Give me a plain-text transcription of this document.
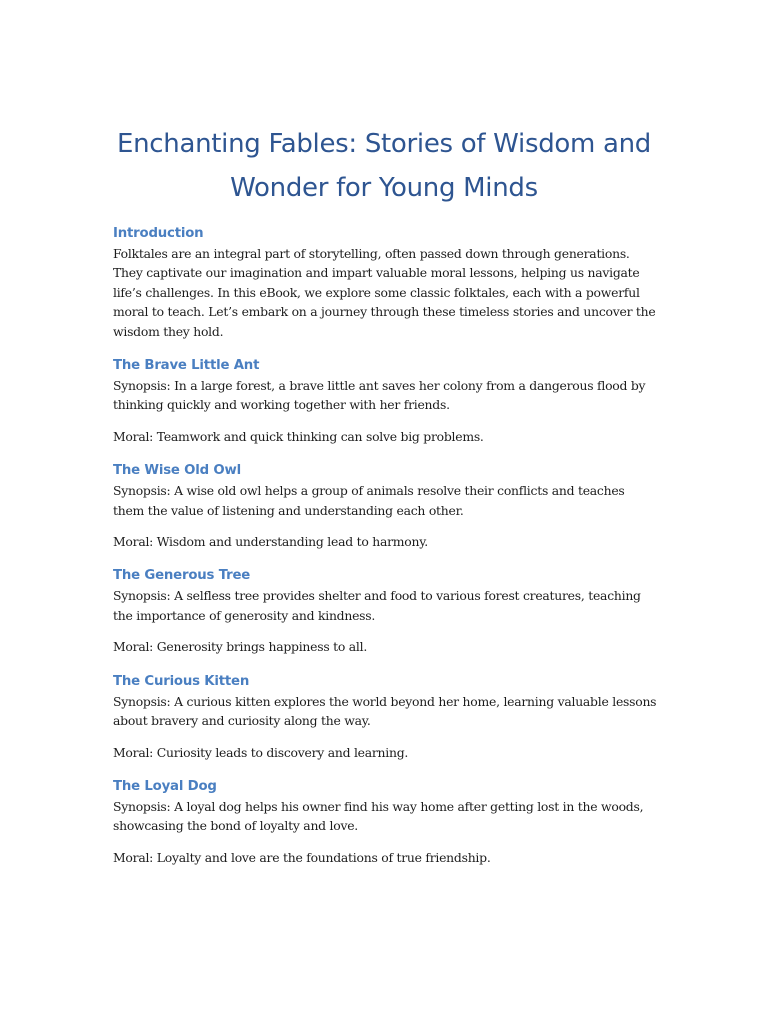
Enchanting Fables: Stories of Wisdom and Wonder for Young Minds
Introduction

Folktales are an integral part of storytelling, often passed down through generations. They captivate our imagination and impart valuable moral lessons, helping us navigate life’s challenges. In this eBook, we explore some classic folktales, each with a powerful moral to teach. Let’s embark on a journey through these timeless stories and uncover the wisdom they hold.

The Brave Little Ant

Synopsis: In a large forest, a brave little ant saves her colony from a dangerous flood by thinking quickly and working together with her friends.

Moral: Teamwork and quick thinking can solve big problems.

The Wise Old Owl

Synopsis: A wise old owl helps a group of animals resolve their conflicts and teaches them the value of listening and understanding each other.

Moral: Wisdom and understanding lead to harmony.

The Generous Tree

Synopsis: A selfless tree provides shelter and food to various forest creatures, teaching the importance of generosity and kindness.

Moral: Generosity brings happiness to all.

The Curious Kitten

Synopsis: A curious kitten explores the world beyond her home, learning valuable lessons about bravery and curiosity along the way.

Moral: Curiosity leads to discovery and learning.

The Loyal Dog

Synopsis: A loyal dog helps his owner find his way home after getting lost in the woods, showcasing the bond of loyalty and love.

Moral: Loyalty and love are the foundations of true friendship.
